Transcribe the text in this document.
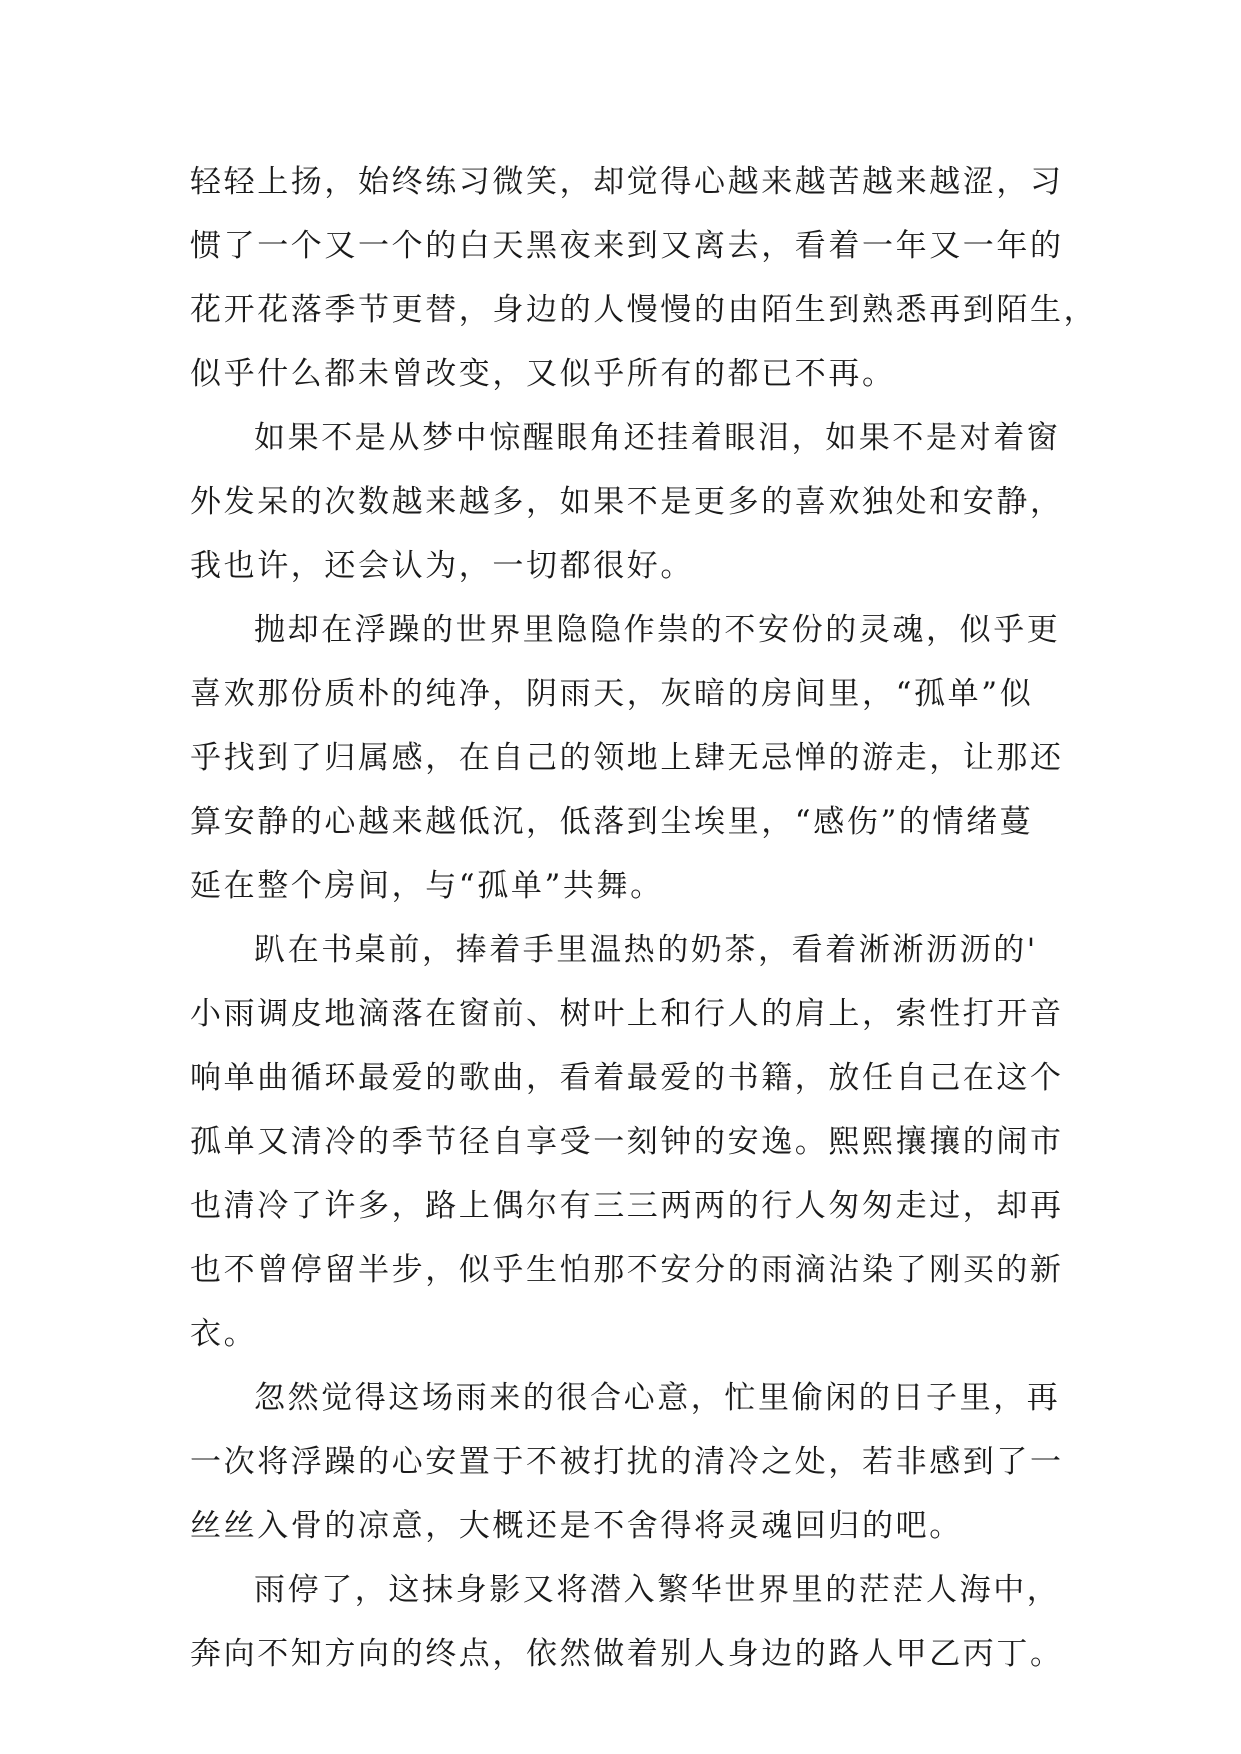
轻轻上扬，始终练习微笑，却觉得心越来越苦越来越涩，习
惯了一个又一个的白天黑夜来到又离去，看着一年又一年的
花开花落季节更替，身边的人慢慢的由陌生到熟悉再到陌生，
似乎什么都未曾改变，又似乎所有的都已不再。
如果不是从梦中惊醒眼角还挂着眼泪，如果不是对着窗
外发呆的次数越来越多，如果不是更多的喜欢独处和安静，
我也许，还会认为，一切都很好。
抛却在浮躁的世界里隐隐作祟的不安份的灵魂，似乎更
喜欢那份质朴的纯净，阴雨天，灰暗的房间里，“孤单”似
乎找到了归属感，在自己的领地上肆无忌惮的游走，让那还
算安静的心越来越低沉，低落到尘埃里，“感伤”的情绪蔓
延在整个房间，与“孤单”共舞。
趴在书桌前，捧着手里温热的奶茶，看着淅淅沥沥的'
小雨调皮地滴落在窗前、树叶上和行人的肩上，索性打开音
响单曲循环最爱的歌曲，看着最爱的书籍，放任自己在这个
孤单又清冷的季节径自享受一刻钟的安逸。熙熙攘攘的闹市
也清冷了许多，路上偶尔有三三两两的行人匆匆走过，却再
也不曾停留半步，似乎生怕那不安分的雨滴沾染了刚买的新
衣。
忽然觉得这场雨来的很合心意，忙里偷闲的日子里，再
一次将浮躁的心安置于不被打扰的清冷之处，若非感到了一
丝丝入骨的凉意，大概还是不舍得将灵魂回归的吧。
雨停了，这抹身影又将潜入繁华世界里的茫茫人海中，
奔向不知方向的终点，依然做着别人身边的路人甲乙丙丁。
